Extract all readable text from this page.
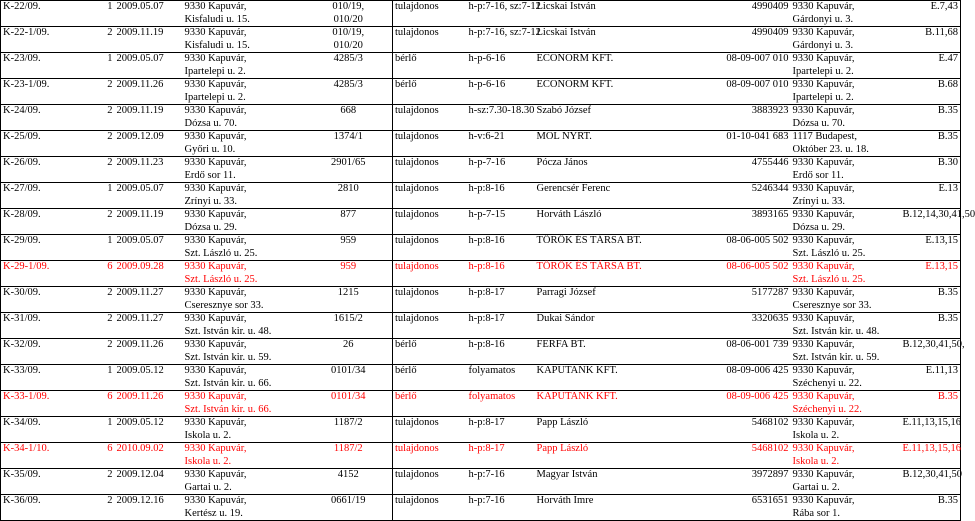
K-22/09.	1	2009.05.07	9330 Kapuvár,
Kisfaludi u. 15.	010/19,
010/20	tulajdonos	h-p:7-16, sz:7-12	Licskai István	4990409	9330 Kapuvár,
Gárdonyi u. 3.	E.7,43
K-22-1/09.	2	2009.11.19	9330 Kapuvár,
Kisfaludi u. 15.	010/19,
010/20	tulajdonos	h-p:7-16, sz:7-12	Licskai István	4990409	9330 Kapuvár,
Gárdonyi u. 3.	B.11,68
K-23/09.	1	2009.05.07	9330 Kapuvár,
Ipartelepi u. 2.	4285/3	bérlő	h-p-6-16	ECONORM KFT.	08-09-007 010	9330 Kapuvár,
Ipartelepi u. 2.	E.47
K-23-1/09.	2	2009.11.26	9330 Kapuvár,
Ipartelepi u. 2.	4285/3	bérlő	h-p-6-16	ECONORM KFT.	08-09-007 010	9330 Kapuvár,
Ipartelepi u. 2.	B.68
K-24/09.	2	2009.11.19	9330 Kapuvár,
Dózsa u. 70.	668	tulajdonos	h-sz:7.30-18.30	Szabó József	3883923	9330 Kapuvár,
Dózsa u. 70.	B.35
K-25/09.	2	2009.12.09	9330 Kapuvár,
Győri u. 10.	1374/1	tulajdonos	h-v:6-21	MOL NYRT.	01-10-041 683	1117 Budapest,
Október 23. u. 18.	B.35
K-26/09.	2	2009.11.23	9330 Kapuvár,
Erdő sor 11.	2901/65	tulajdonos	h-p-7-16	Pócza János	4755446	9330 Kapuvár,
Erdő sor 11.	B.30
K-27/09.	1	2009.05.07	9330 Kapuvár,
Zrínyi u. 33.	2810	tulajdonos	h-p:8-16	Gerencsér Ferenc	5246344	9330 Kapuvár,
Zrínyi u. 33.	E.13
K-28/09.	2	2009.11.19	9330 Kapuvár,
Dózsa u. 29.	877	tulajdonos	h-p-7-15	Horváth László	3893165	9330 Kapuvár,
Dózsa u. 29.	B.12,14,30,41,50
K-29/09.	1	2009.05.07	9330 Kapuvár,
Szt. László u. 25.	959	tulajdonos	h-p:8-16	TÖRÖK ÉS TÁRSA BT.	08-06-005 502	9330 Kapuvár,
Szt. László u. 25.	E.13,15
K-29-1/09.	6	2009.09.28	9330 Kapuvár,
Szt. László u. 25.	959	tulajdonos	h-p:8-16	TÖRÖK ÉS TÁRSA BT.	08-06-005 502	9330 Kapuvár,
Szt. László u. 25.	E.13,15
K-30/09.	2	2009.11.27	9330 Kapuvár,
Cseresznye sor 33.	1215	tulajdonos	h-p:8-17	Parragi József	5177287	9330 Kapuvár,
Cseresznye sor 33.	B.35
K-31/09.	2	2009.11.27	9330 Kapuvár,
Szt. István kir. u. 48.	1615/2	tulajdonos	h-p:8-17	Dukai Sándor	3320635	9330 Kapuvár,
Szt. István kir. u. 48.	B.35
K-32/09.	2	2009.11.26	9330 Kapuvár,
Szt. István kir. u. 59.	26	bérlő	h-p:8-16	FERFA BT.	08-06-001 739	9330 Kapuvár,
Szt. István kir. u. 59.	B.12,30,41,50,
K-33/09.	1	2009.05.12	9330 Kapuvár,
Szt. István kir. u. 66.	0101/34	bérlő	folyamatos	KAPUTANK KFT.	08-09-006 425	9330 Kapuvár,
Széchenyi u. 22.	E.11,13
K-33-1/09.	6	2009.11.26	9330 Kapuvár,
Szt. István kir. u. 66.	0101/34	bérlő	folyamatos	KAPUTANK KFT.	08-09-006 425	9330 Kapuvár,
Széchenyi u. 22.	B.35
K-34/09.	1	2009.05.12	9330 Kapuvár,
Iskola u. 2.	1187/2	tulajdonos	h-p:8-17	Papp László	5468102	9330 Kapuvár,
Iskola u. 2.	E.11,13,15,16
K-34-1/10.	6	2010.09.02	9330 Kapuvár,
Iskola u. 2.	1187/2	tulajdonos	h-p:8-17	Papp László	5468102	9330 Kapuvár,
Iskola u. 2.	E.11,13,15,16
K-35/09.	2	2009.12.04	9330 Kapuvár,
Gartai u. 2.	4152	tulajdonos	h-p:7-16	Magyar István	3972897	9330 Kapuvár,
Gartai u. 2.	B.12,30,41,50
K-36/09.	2	2009.12.16	9330 Kapuvár,
Kertész u. 19.	0661/19	tulajdonos	h-p:7-16	Horváth Imre	6531651	9330 Kapuvár,
Rába sor 1.	B.35
